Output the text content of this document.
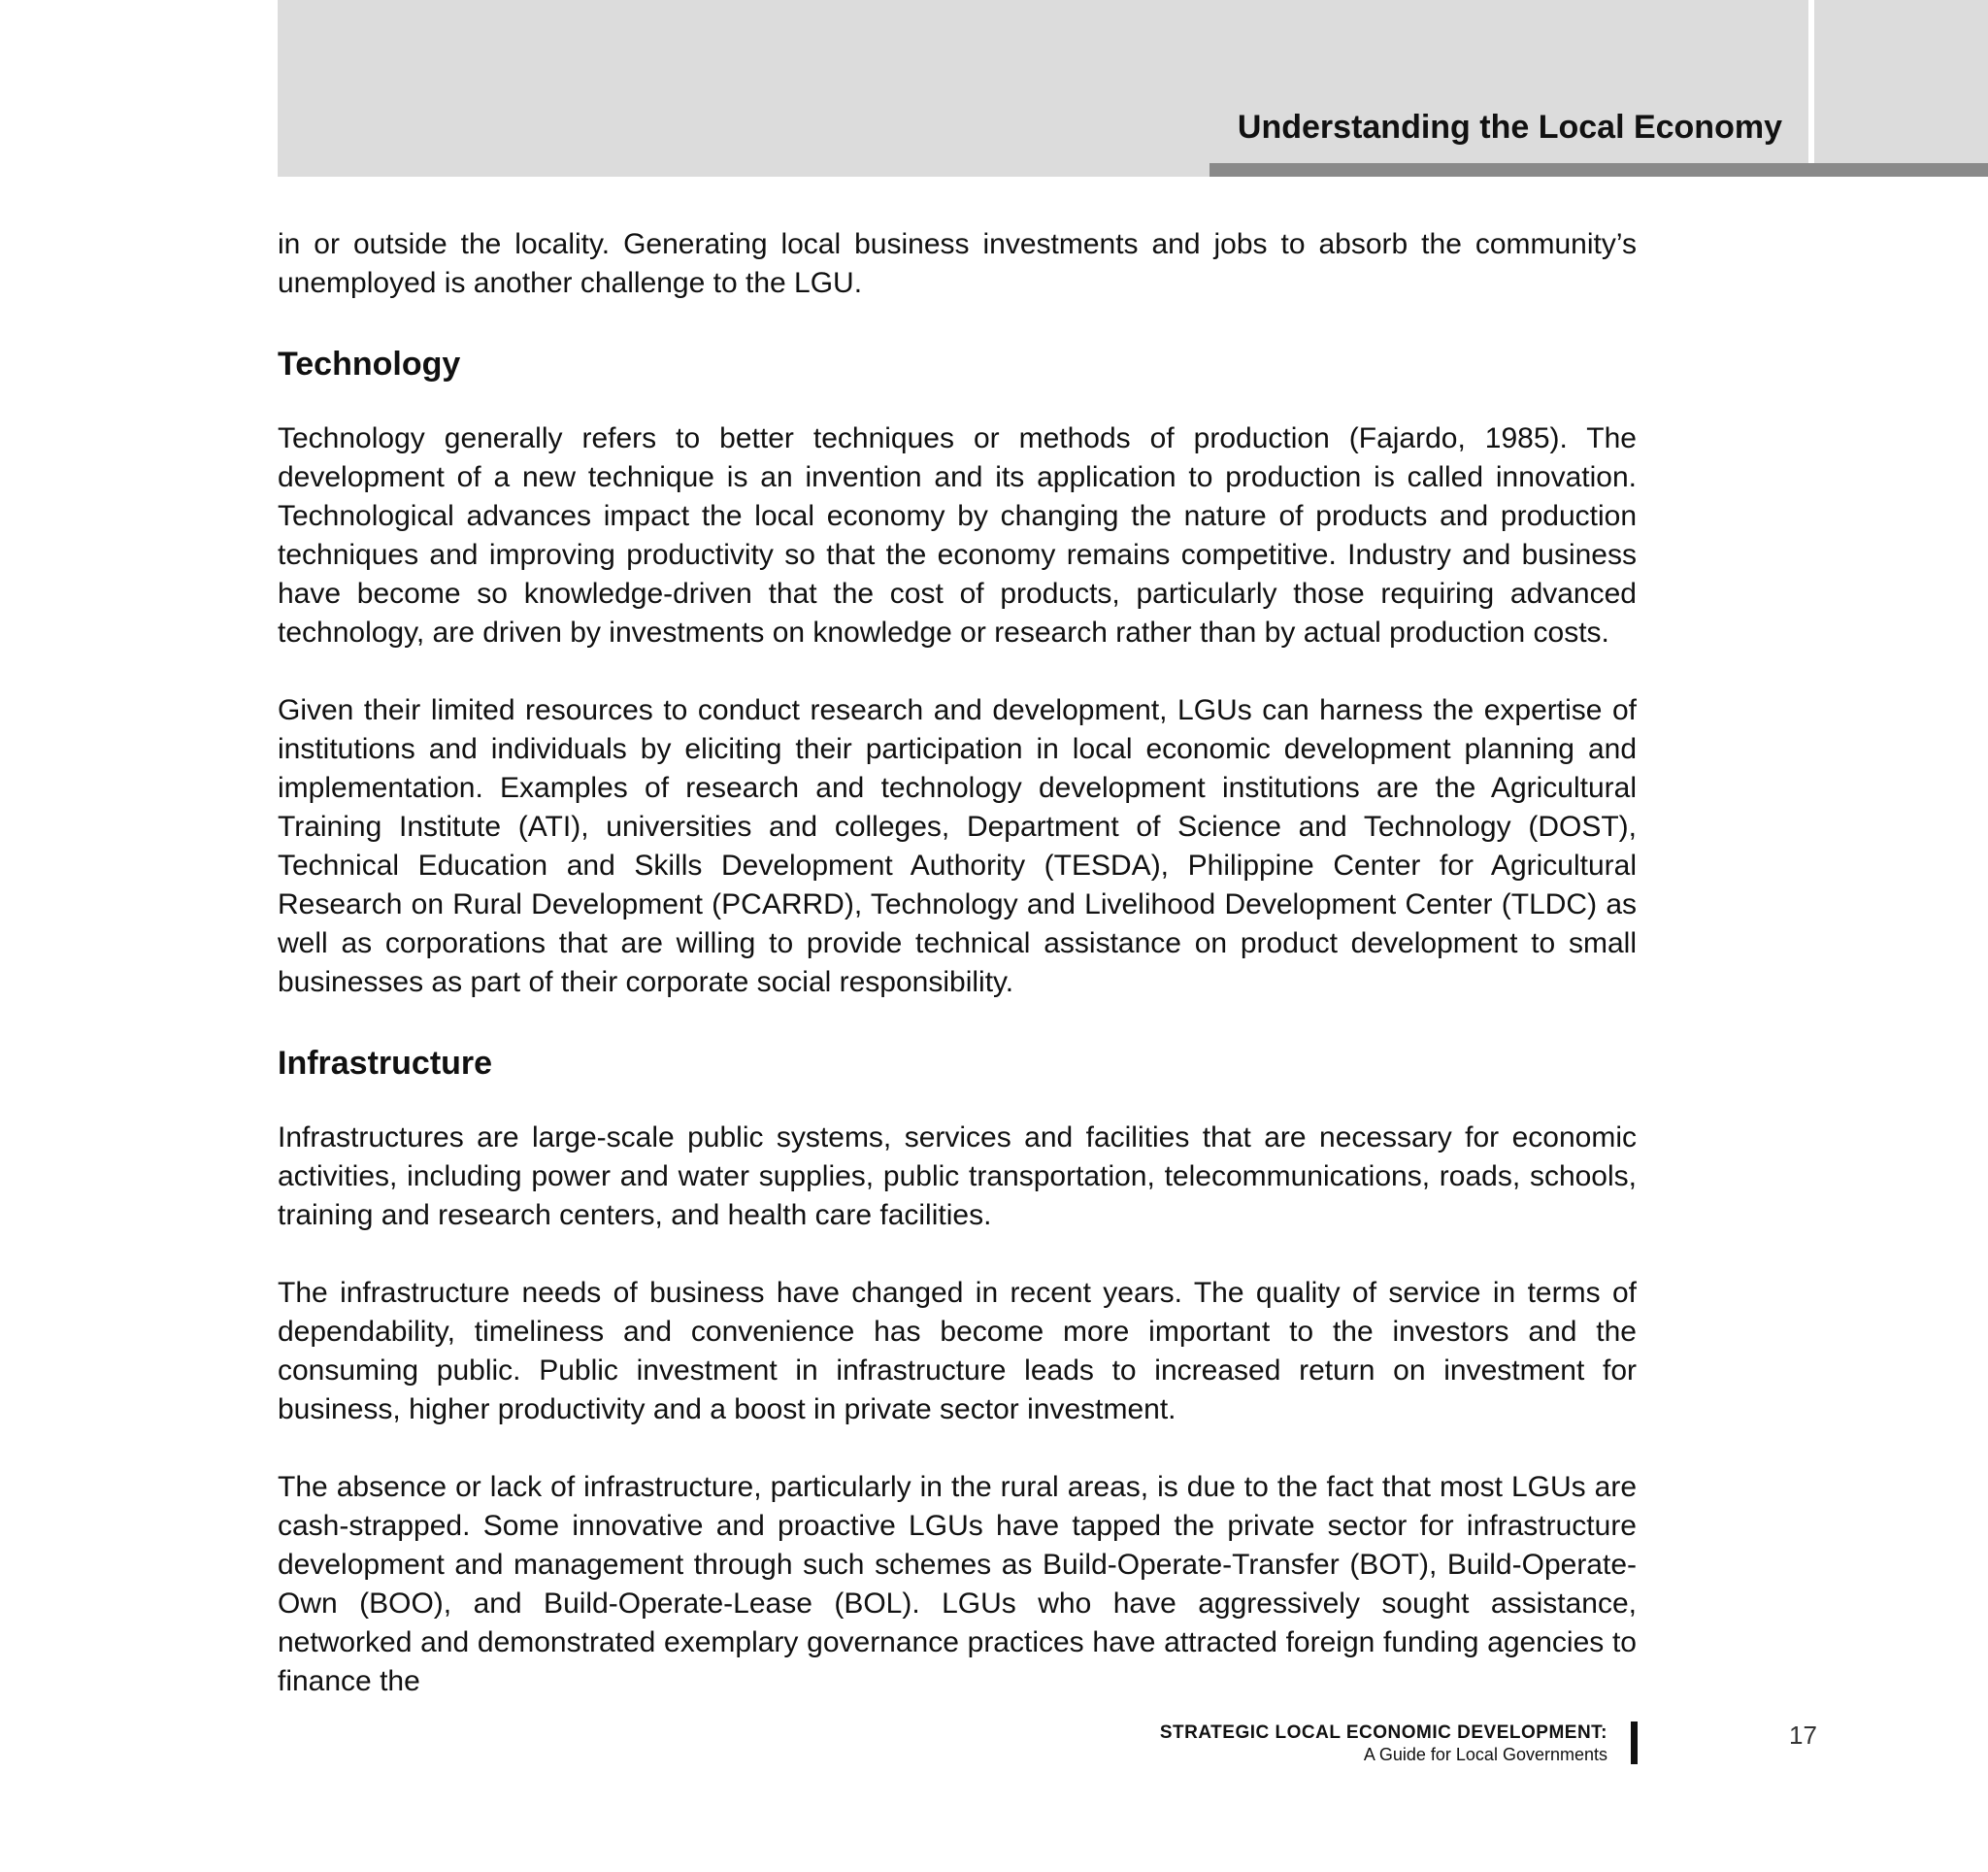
Understanding the Local Economy

in or outside the locality. Generating local business investments and jobs to absorb the community’s unemployed is another challenge to the LGU.

Technology

Technology generally refers to better techniques or methods of production (Fajardo, 1985). The development of a new technique is an invention and its application to production is called innovation. Technological advances impact the local economy by changing the nature of products and production techniques and improving productivity so that the economy remains competitive. Industry and business have become so knowledge-driven that the cost of products, particularly those requiring advanced technology, are driven by investments on knowledge or research rather than by actual production costs.

Given their limited resources to conduct research and development, LGUs can harness the expertise of institutions and individuals by eliciting their participation in local economic development planning and implementation. Examples of research and technology development institutions are the Agricultural Training Institute (ATI), universities and colleges, Department of Science and Technology (DOST), Technical Education and Skills Development Authority (TESDA), Philippine Center for Agricultural Research on Rural Development (PCARRD), Technology and Livelihood Development Center (TLDC) as well as corporations that are willing to provide technical assistance on product development to small businesses as part of their corporate social responsibility.

Infrastructure

Infrastructures are large-scale public systems, services and facilities that are necessary for economic activities, including power and water supplies, public transportation, telecommunications, roads, schools, training and research centers, and health care facilities.

The infrastructure needs of business have changed in recent years. The quality of service in terms of dependability, timeliness and convenience has become more important to the investors and the consuming public. Public investment in infrastructure leads to increased return on investment for business, higher productivity and a boost in private sector investment.

The absence or lack of infrastructure, particularly in the rural areas, is due to the fact that most LGUs are cash-strapped. Some innovative and proactive LGUs have tapped the private sector for infrastructure development and management through such schemes as Build-Operate-Transfer (BOT), Build-Operate-Own (BOO), and Build-Operate-Lease (BOL). LGUs who have aggressively sought assistance, networked and demonstrated exemplary governance practices have attracted foreign funding agencies to finance the

STRATEGIC LOCAL ECONOMIC DEVELOPMENT:
A Guide for Local Governments
17
